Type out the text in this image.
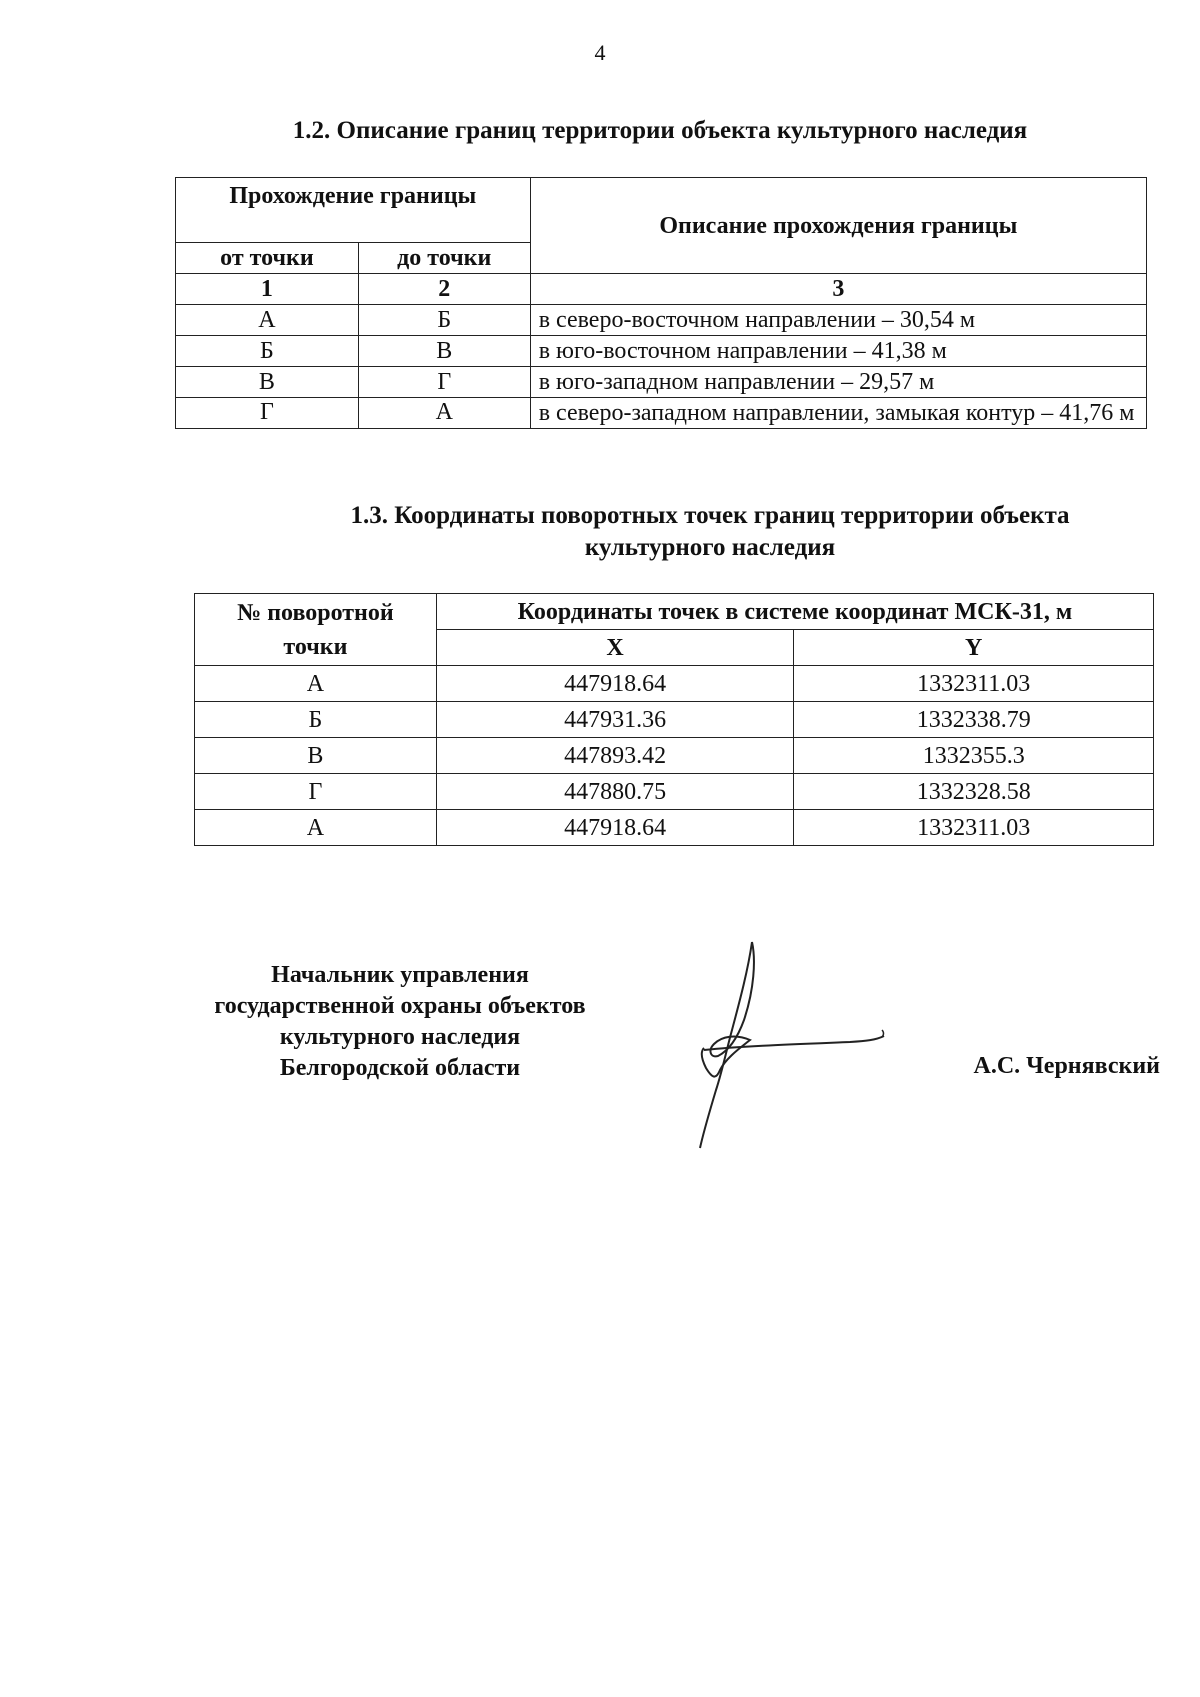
4
1.2. Описание границ территории объекта культурного наследия
Прохождение границы		Описание прохождения границы
от точки	до точки	
1	2	3
А	Б	в северо-восточном направлении – 30,54 м
Б	В	в юго-восточном направлении – 41,38 м
В	Г	в юго-западном направлении – 29,57 м
Г	А	в северо-западном направлении, замыкая контур – 41,76 м
1.3. Координаты поворотных точек границ территории объекта
культурного наследия
№ поворотной точки	Координаты точек в системе координат МСК-31, м	
	X	Y
А	447918.64	1332311.03
Б	447931.36	1332338.79
В	447893.42	1332355.3
Г	447880.75	1332328.58
А	447918.64	1332311.03
Начальник управления
государственной охраны объектов
культурного наследия
Белгородской области	А.С. Чернявский
